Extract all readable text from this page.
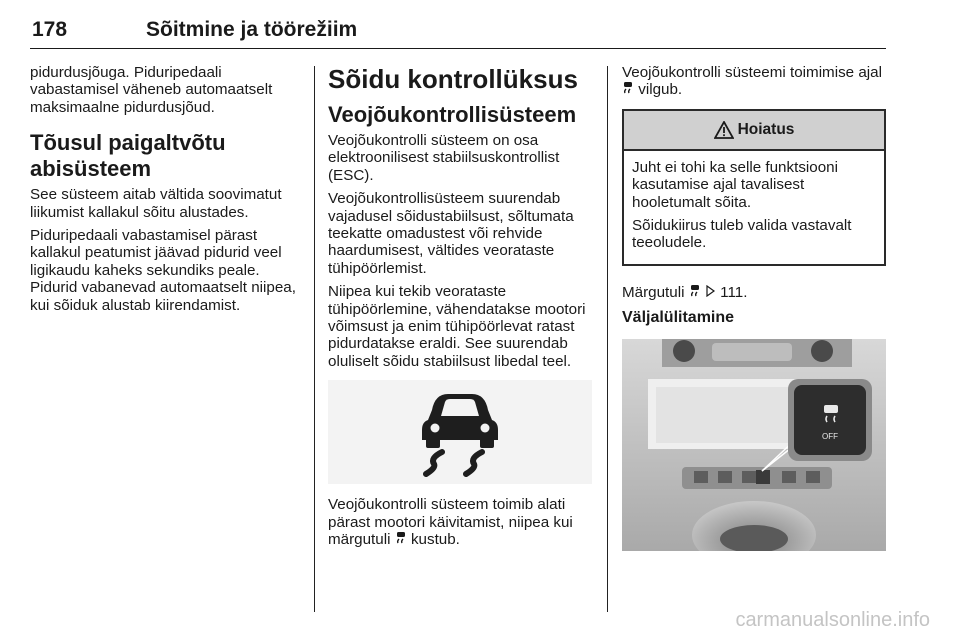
178	Sõitmine ja töörežiim

pidurdusjõuga. Piduripedaali vabastamisel väheneb automaatselt maksimaalne pidurdusjõud.

Tõusul paigaltvõtu abisüsteem

See süsteem aitab vältida soovimatut liikumist kallakul sõitu alustades.

Piduripedaali vabastamisel pärast kallakul peatumist jäävad pidurid veel ligikaudu kaheks sekundiks peale. Pidurid vabanevad automaatselt niipea, kui sõiduk alustab kiirendamist.

Sõidu kontrollüksus
Veojõukontrollisüsteem

Veojõukontrolli süsteem on osa elektroonilisest stabiilsuskontrollist (ESC).

Veojõukontrollisüsteem suurendab vajadusel sõidustabiilsust, sõltumata teekatte omadustest või rehvide haardumisest, vältides veorataste tühipöörlemist.

Niipea kui tekib veorataste tühipöörlemine, vähendatakse mootori võimsust ja enim tühipöörlevat ratast pidurdatakse eraldi. See suurendab oluliselt sõidu stabiilsust libedal teel.

Veojõukontrolli süsteem toimib alati pärast mootori käivitamist, niipea kui märgutuli kustub.

Veojõukontrolli süsteemi toimimise ajal  vilgub.

Hoiatus

Juht ei tohi ka selle funktsiooni kasutamise ajal tavalisest hooletumalt sõita.

Sõidukiirus tuleb valida vastavalt teeoludele.

Märgutuli 111.

Väljalülitamine
OFF
carmanualsonline.info
